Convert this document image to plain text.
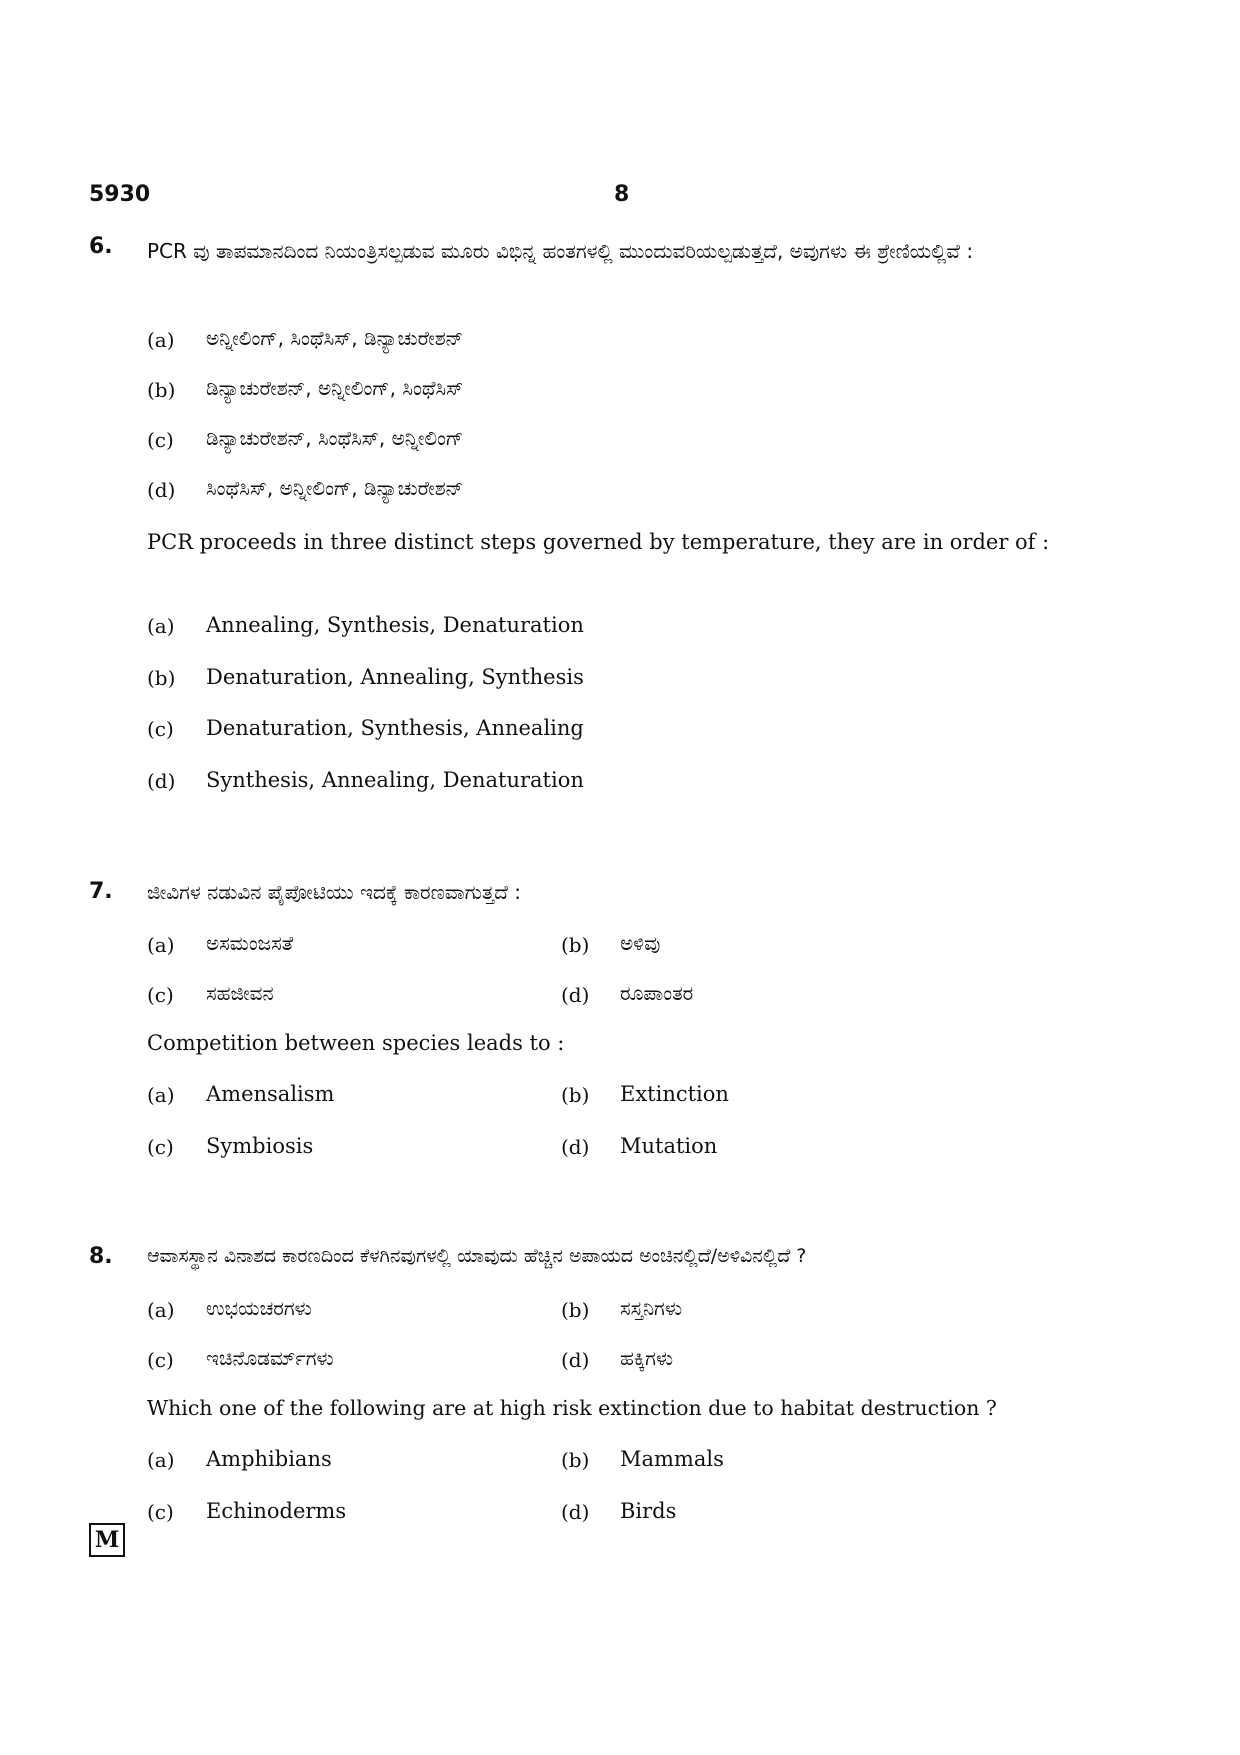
5930	8
6. PCR ವು ತಾಪಮಾನದಿಂದ ನಿಯಂತ್ರಿಸಲ್ಪಡುವ ಮೂರು ವಿಭಿನ್ನ ಹಂತಗಳಲ್ಲಿ ಮುಂದುವರಿಯಲ್ಪಡುತ್ತದೆ, ಅವುಗಳು ಈ ಶ್ರೇಣಿಯಲ್ಲಿವೆ :
(a) ಅನ್ನೀಲಿಂಗ್, ಸಿಂಥೆಸಿಸ್, ಡಿನ್ಯಾಚುರೇಶನ್
(b) ಡಿನ್ಯಾಚುರೇಶನ್, ಅನ್ನೀಲಿಂಗ್, ಸಿಂಥೆಸಿಸ್
(c) ಡಿನ್ಯಾಚುರೇಶನ್, ಸಿಂಥೆಸಿಸ್, ಅನ್ನೀಲಿಂಗ್
(d) ಸಿಂಥೆಸಿಸ್, ಅನ್ನೀಲಿಂಗ್, ಡಿನ್ಯಾಚುರೇಶನ್
PCR proceeds in three distinct steps governed by temperature, they are in order of :
(a) Annealing, Synthesis, Denaturation
(b) Denaturation, Annealing, Synthesis
(c) Denaturation, Synthesis, Annealing
(d) Synthesis, Annealing, Denaturation
7. ಜೀವಿಗಳ ನಡುವಿನ ಪೈಪೋಟಿಯು ಇದಕ್ಕೆ ಕಾರಣವಾಗುತ್ತದೆ :
(a) ಅಸಮಂಜಸತೆ	(b) ಅಳಿವು
(c) ಸಹಜೀವನ	(d) ರೂಪಾಂತರ
Competition between species leads to :
(a) Amensalism	(b) Extinction
(c) Symbiosis	(d) Mutation
8. ಆವಾಸಸ್ಥಾನ ವಿನಾಶದ ಕಾರಣದಿಂದ ಕೆಳಗಿನವುಗಳಲ್ಲಿ ಯಾವುದು ಹೆಚ್ಚಿನ ಅಪಾಯದ ಅಂಚಿನಲ್ಲಿದೆ/ಅಳಿವಿನಲ್ಲಿದೆ ?
(a) ಉಭಯಚರಗಳು	(b) ಸಸ್ತನಿಗಳು
(c) ಇಚಿನೊಡರ್ಮ್‌ಗಳು	(d) ಹಕ್ಕಿಗಳು
Which one of the following are at high risk extinction due to habitat destruction ?
(a) Amphibians	(b) Mammals
(c) Echinoderms	(d) Birds
M
